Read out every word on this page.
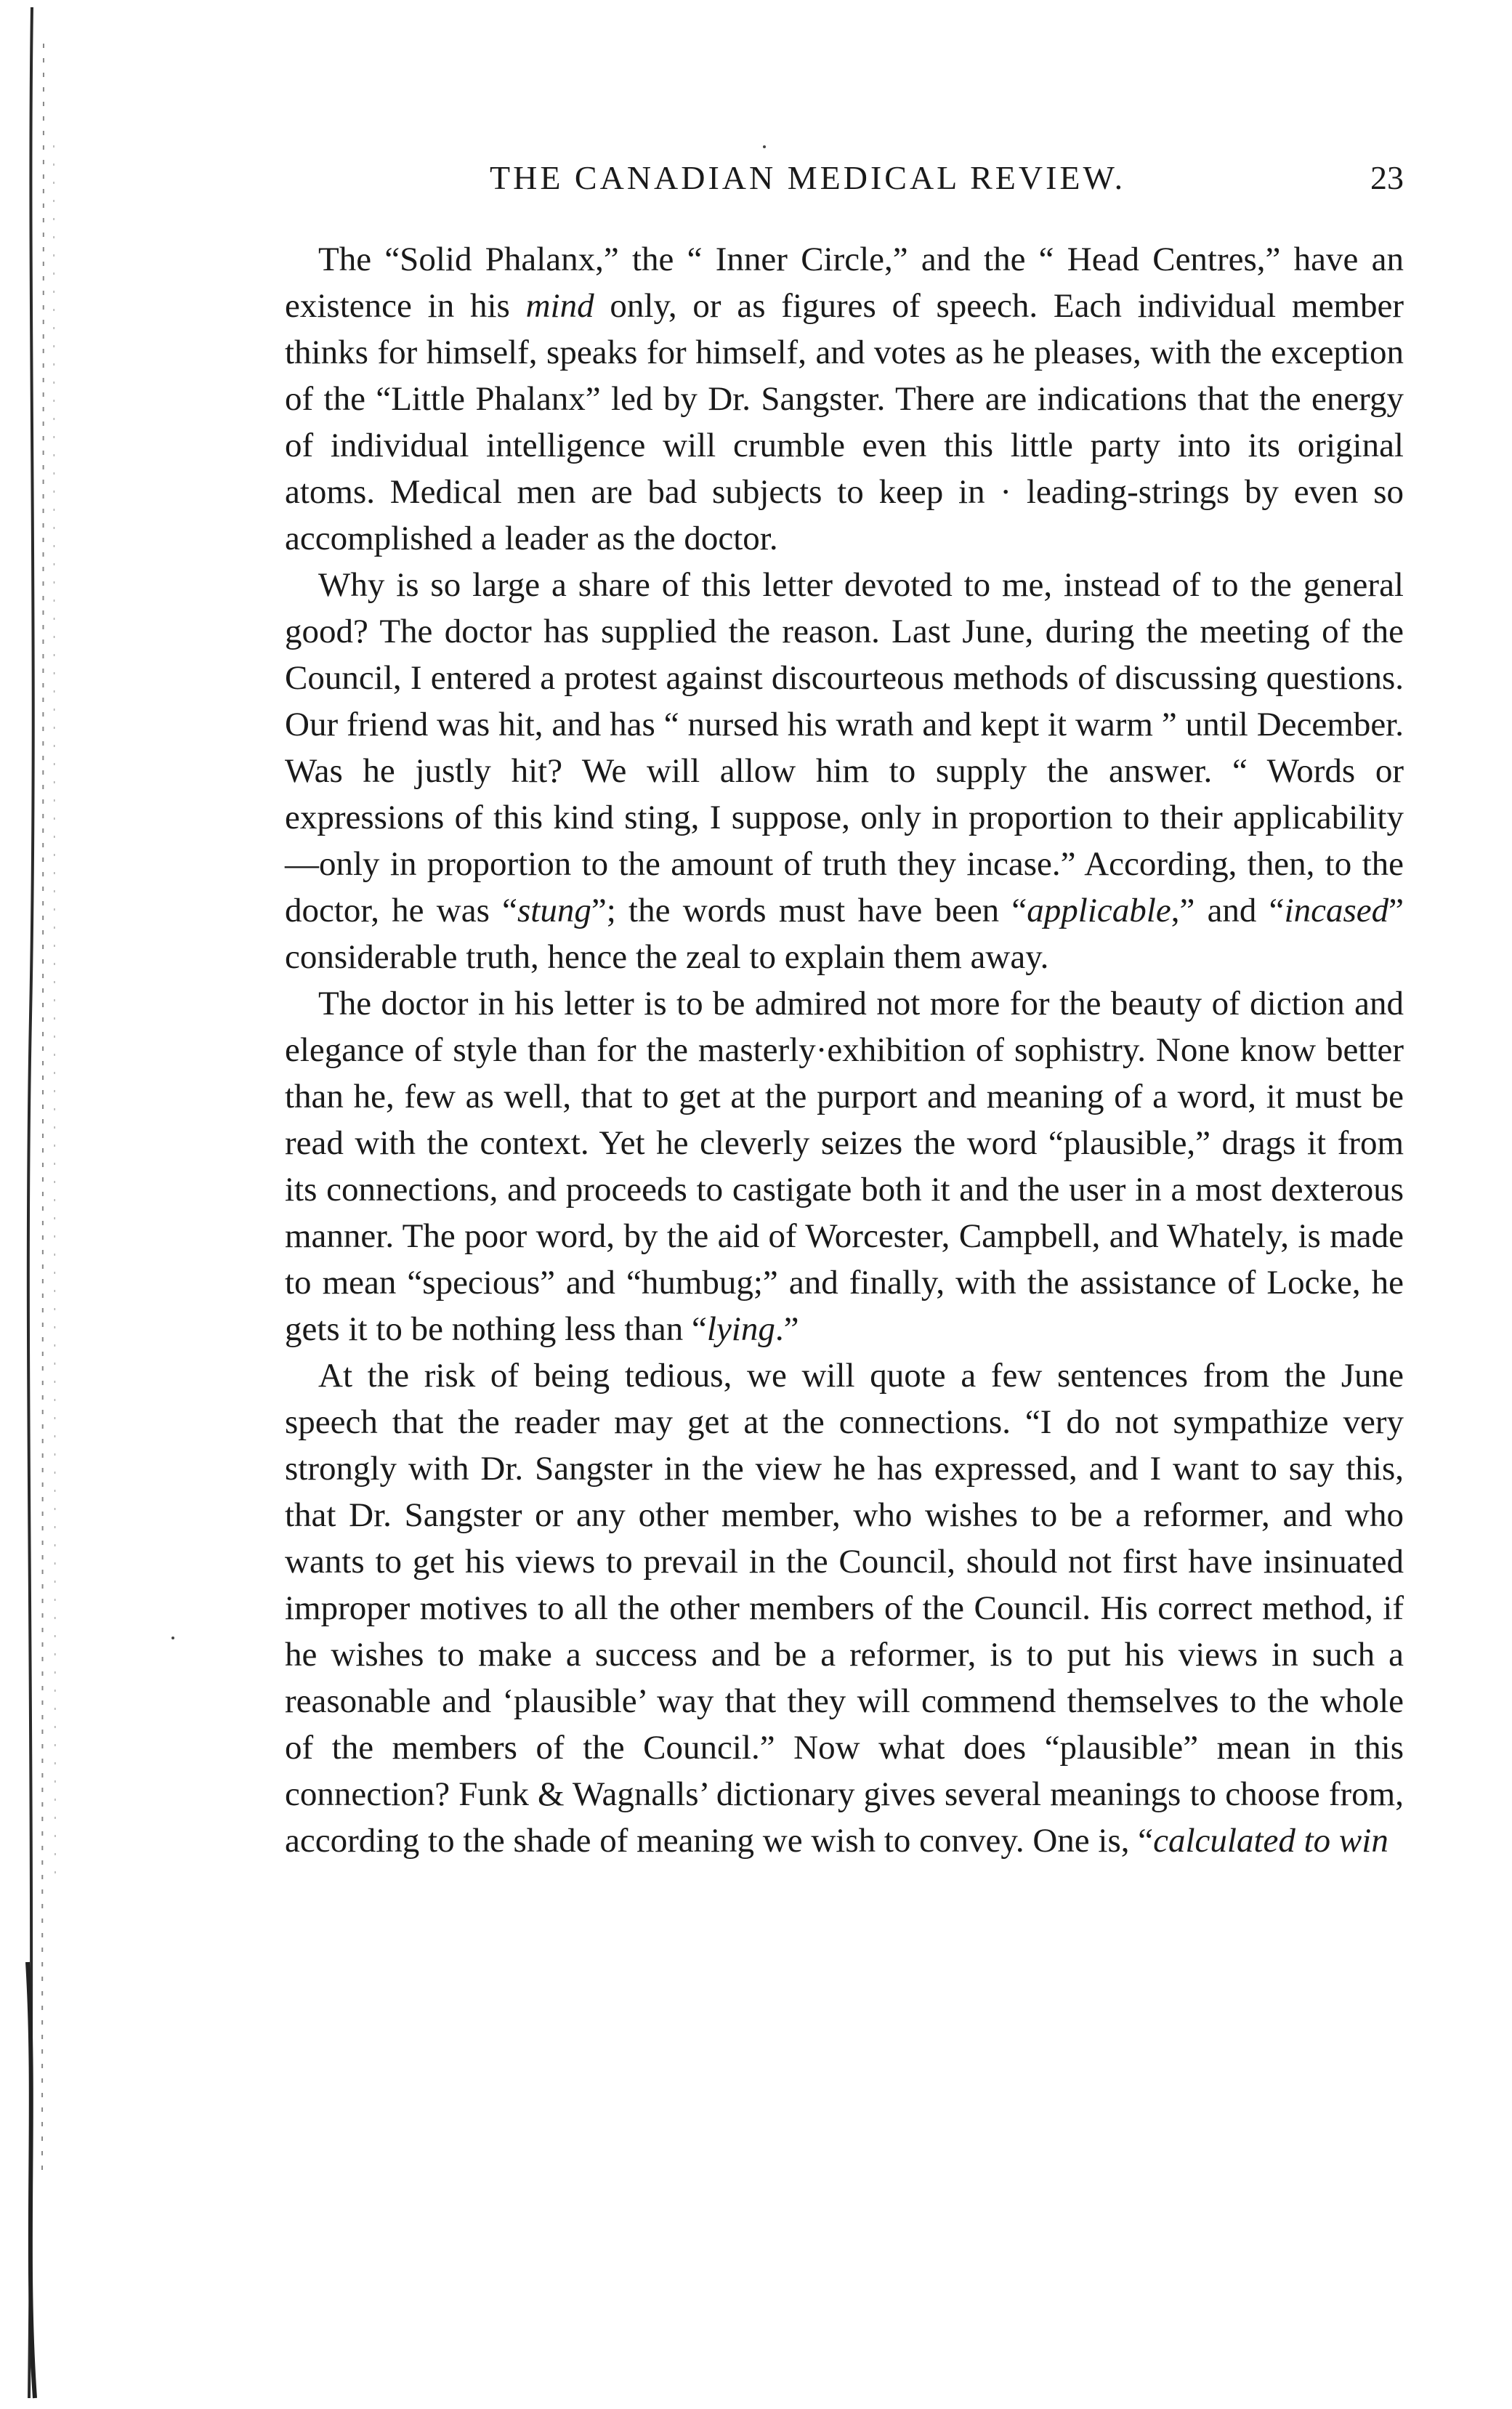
THE CANADIAN MEDICAL REVIEW.	23

The “Solid Phalanx,” the “ Inner Circle,” and the “ Head Centres,” have an existence in his mind only, or as figures of speech. Each individual member thinks for himself, speaks for himself, and votes as he pleases, with the exception of the “Little Phalanx” led by Dr. Sangster. There are indications that the energy of individual intelligence will crumble even this little party into its original atoms. Medical men are bad subjects to keep in · leading-strings by even so accomplished a leader as the doctor.

Why is so large a share of this letter devoted to me, instead of to the general good? The doctor has supplied the reason. Last June, during the meeting of the Council, I entered a protest against discourteous methods of discussing questions. Our friend was hit, and has “ nursed his wrath and kept it warm ” until December. Was he justly hit? We will allow him to supply the answer. “ Words or expressions of this kind sting, I suppose, only in proportion to their applicability—only in proportion to the amount of truth they incase.” According, then, to the doctor, he was “stung”; the words must have been “applicable,” and “incased” considerable truth, hence the zeal to explain them away.

The doctor in his letter is to be admired not more for the beauty of diction and elegance of style than for the masterly·exhibition of sophistry. None know better than he, few as well, that to get at the purport and meaning of a word, it must be read with the context. Yet he cleverly seizes the word “plausible,” drags it from its connections, and proceeds to castigate both it and the user in a most dexterous manner. The poor word, by the aid of Worcester, Campbell, and Whately, is made to mean “specious” and “humbug;” and finally, with the assistance of Locke, he gets it to be nothing less than “lying.”

At the risk of being tedious, we will quote a few sentences from the June speech that the reader may get at the connections. “I do not sympathize very strongly with Dr. Sangster in the view he has expressed, and I want to say this, that Dr. Sangster or any other member, who wishes to be a reformer, and who wants to get his views to prevail in the Council, should not first have insinuated improper motives to all the other members of the Council. His correct method, if he wishes to make a success and be a reformer, is to put his views in such a reasonable and ‘plausible’ way that they will commend themselves to the whole of the members of the Council.” Now what does “plausible” mean in this connection? Funk & Wagnalls’ dictionary gives several meanings to choose from, according to the shade of meaning we wish to convey. One is, “calculated to win
